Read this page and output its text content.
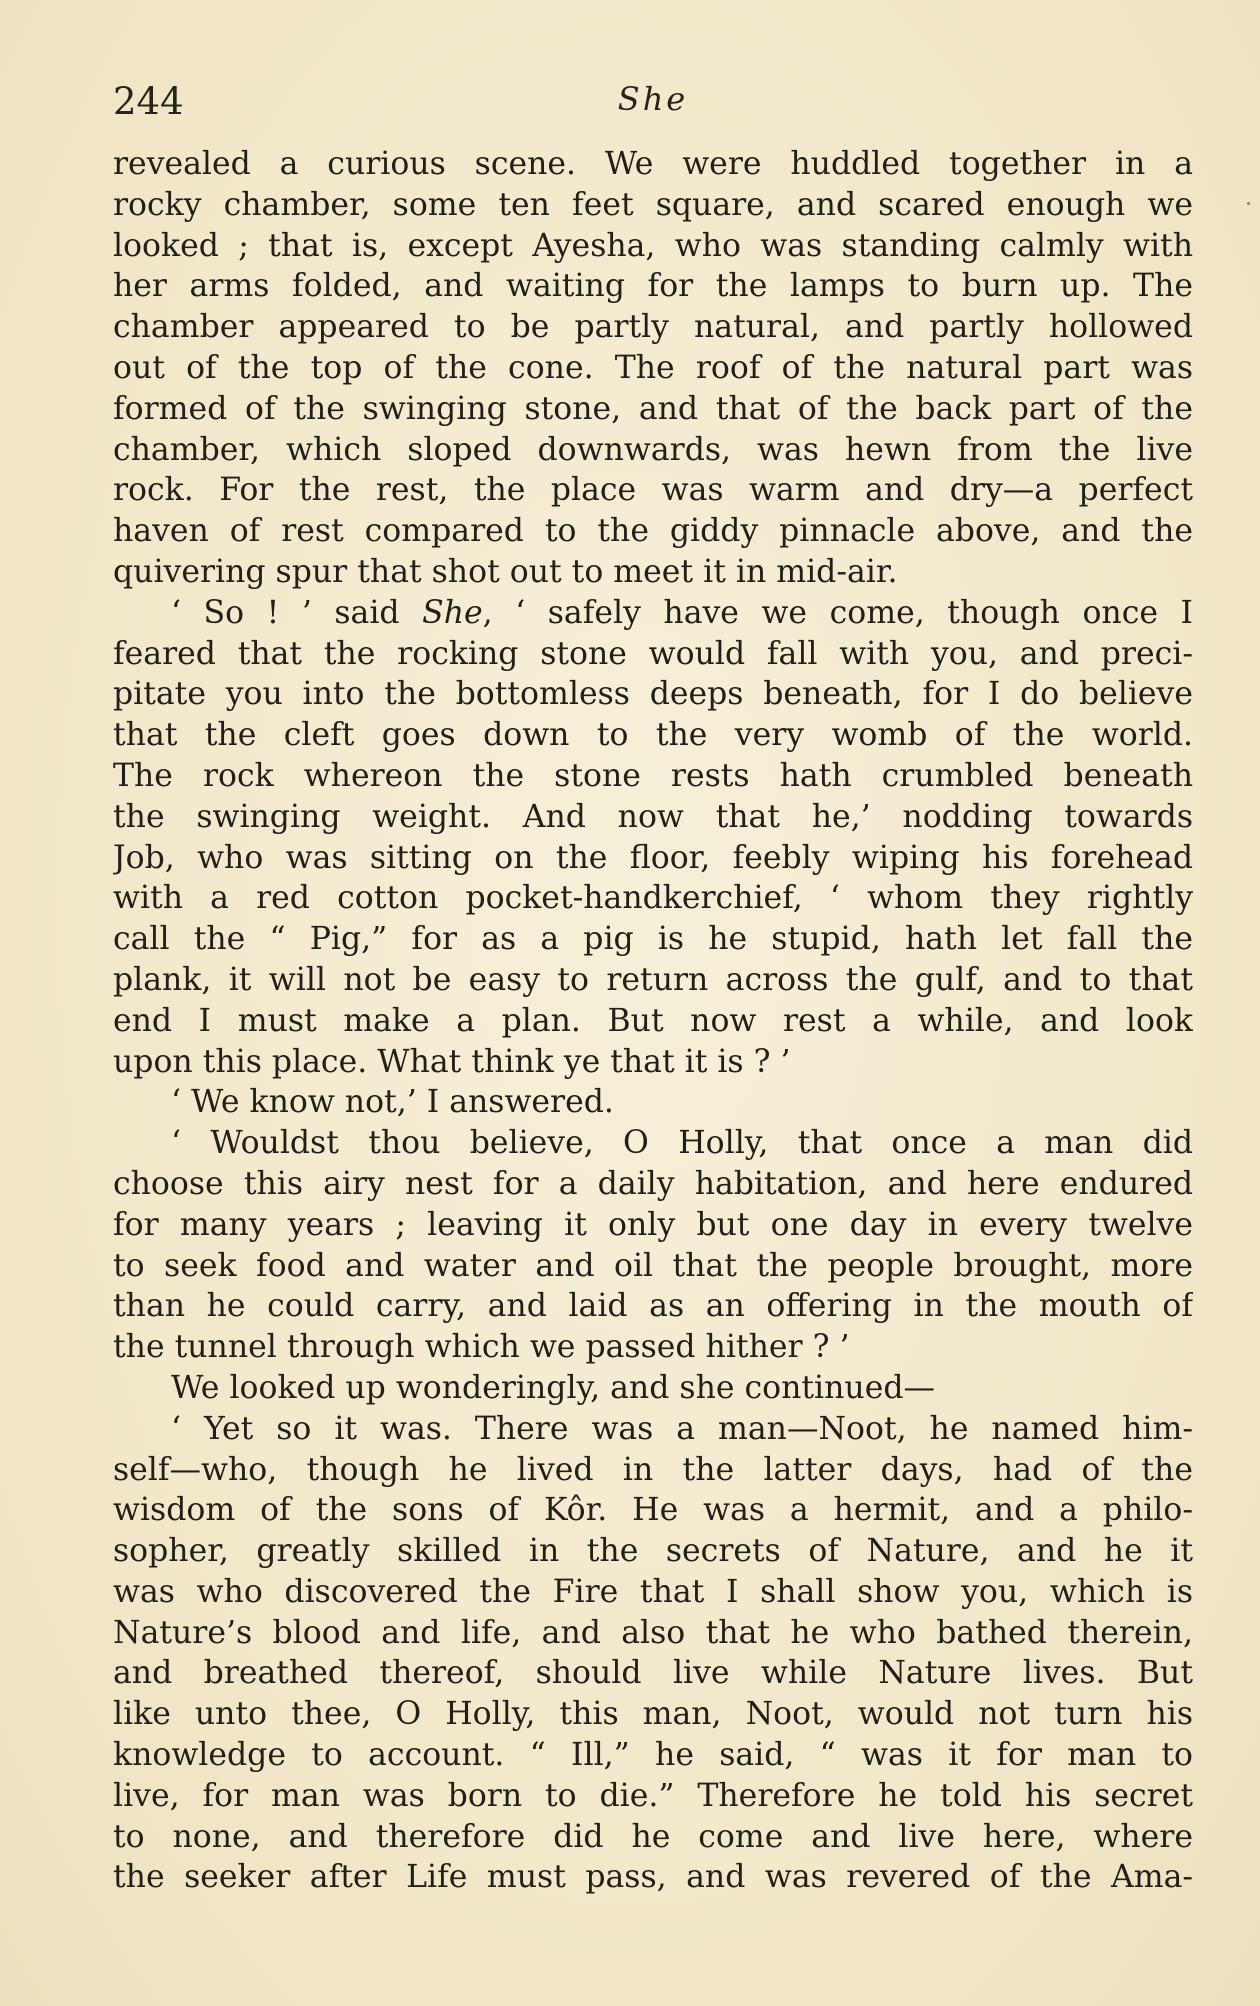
244	She
revealed a curious scene. We were huddled together in a
rocky chamber, some ten feet square, and scared enough we
looked ; that is, except Ayesha, who was standing calmly with
her arms folded, and waiting for the lamps to burn up. The
chamber appeared to be partly natural, and partly hollowed
out of the top of the cone. The roof of the natural part was
formed of the swinging stone, and that of the back part of the
chamber, which sloped downwards, was hewn from the live
rock. For the rest, the place was warm and dry—a perfect
haven of rest compared to the giddy pinnacle above, and the
quivering spur that shot out to meet it in mid-air.
‘ So ! ’ said She, ‘ safely have we come, though once I
feared that the rocking stone would fall with you, and preci-
pitate you into the bottomless deeps beneath, for I do believe
that the cleft goes down to the very womb of the world.
The rock whereon the stone rests hath crumbled beneath
the swinging weight. And now that he,’ nodding towards
Job, who was sitting on the floor, feebly wiping his forehead
with a red cotton pocket-handkerchief, ‘ whom they rightly
call the “ Pig,” for as a pig is he stupid, hath let fall the
plank, it will not be easy to return across the gulf, and to that
end I must make a plan. But now rest a while, and look
upon this place. What think ye that it is ? ’
‘ We know not,’ I answered.
‘ Wouldst thou believe, O Holly, that once a man did
choose this airy nest for a daily habitation, and here endured
for many years ; leaving it only but one day in every twelve
to seek food and water and oil that the people brought, more
than he could carry, and laid as an offering in the mouth of
the tunnel through which we passed hither ? ’
We looked up wonderingly, and she continued—
‘ Yet so it was. There was a man—Noot, he named him-
self—who, though he lived in the latter days, had of the
wisdom of the sons of Kôr. He was a hermit, and a philo-
sopher, greatly skilled in the secrets of Nature, and he it
was who discovered the Fire that I shall show you, which is
Nature’s blood and life, and also that he who bathed therein,
and breathed thereof, should live while Nature lives. But
like unto thee, O Holly, this man, Noot, would not turn his
knowledge to account. “ Ill,” he said, “ was it for man to
live, for man was born to die.” Therefore he told his secret
to none, and therefore did he come and live here, where
the seeker after Life must pass, and was revered of the Ama-
